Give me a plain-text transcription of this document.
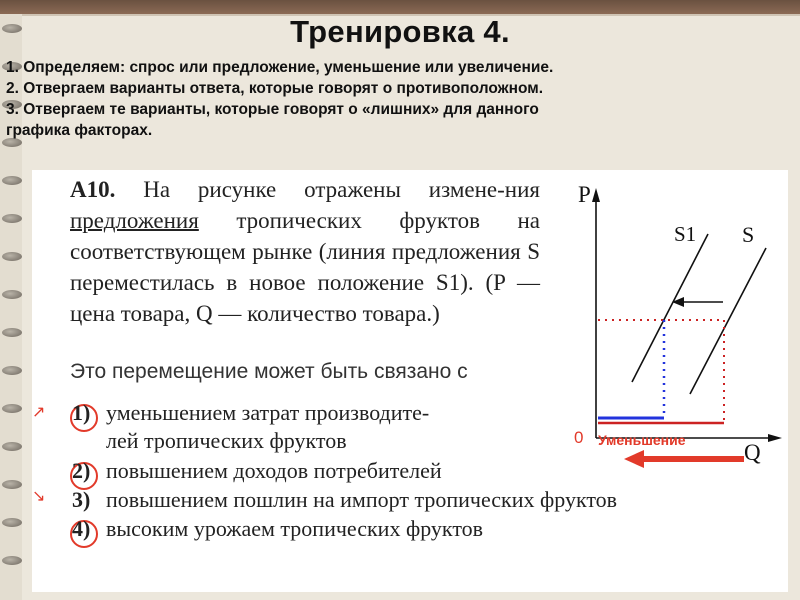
Тренировка 4.
1. Определяем: спрос или предложение, уменьшение или увеличение.
2. Отвергаем варианты ответа, которые говорят о противоположном.
3. Отвергаем те варианты, которые говорят о «лишних» для данного
графика факторах.
А10. На рисунке отражены измене-ния предложения тропических фруктов на соответствующем рынке (линия предложения S переместилась в новое положение S1). (P — цена товара, Q — количество товара.)
Это перемещение может быть связано с
↗
↘
1) уменьшением затрат производите-
лей тропических фруктов
2) повышением доходов потребителей
3) повышением пошлин на импорт тропических фруктов
4) высоким урожаем тропических фруктов
P
Q
S1 S
0 Уменьшение
